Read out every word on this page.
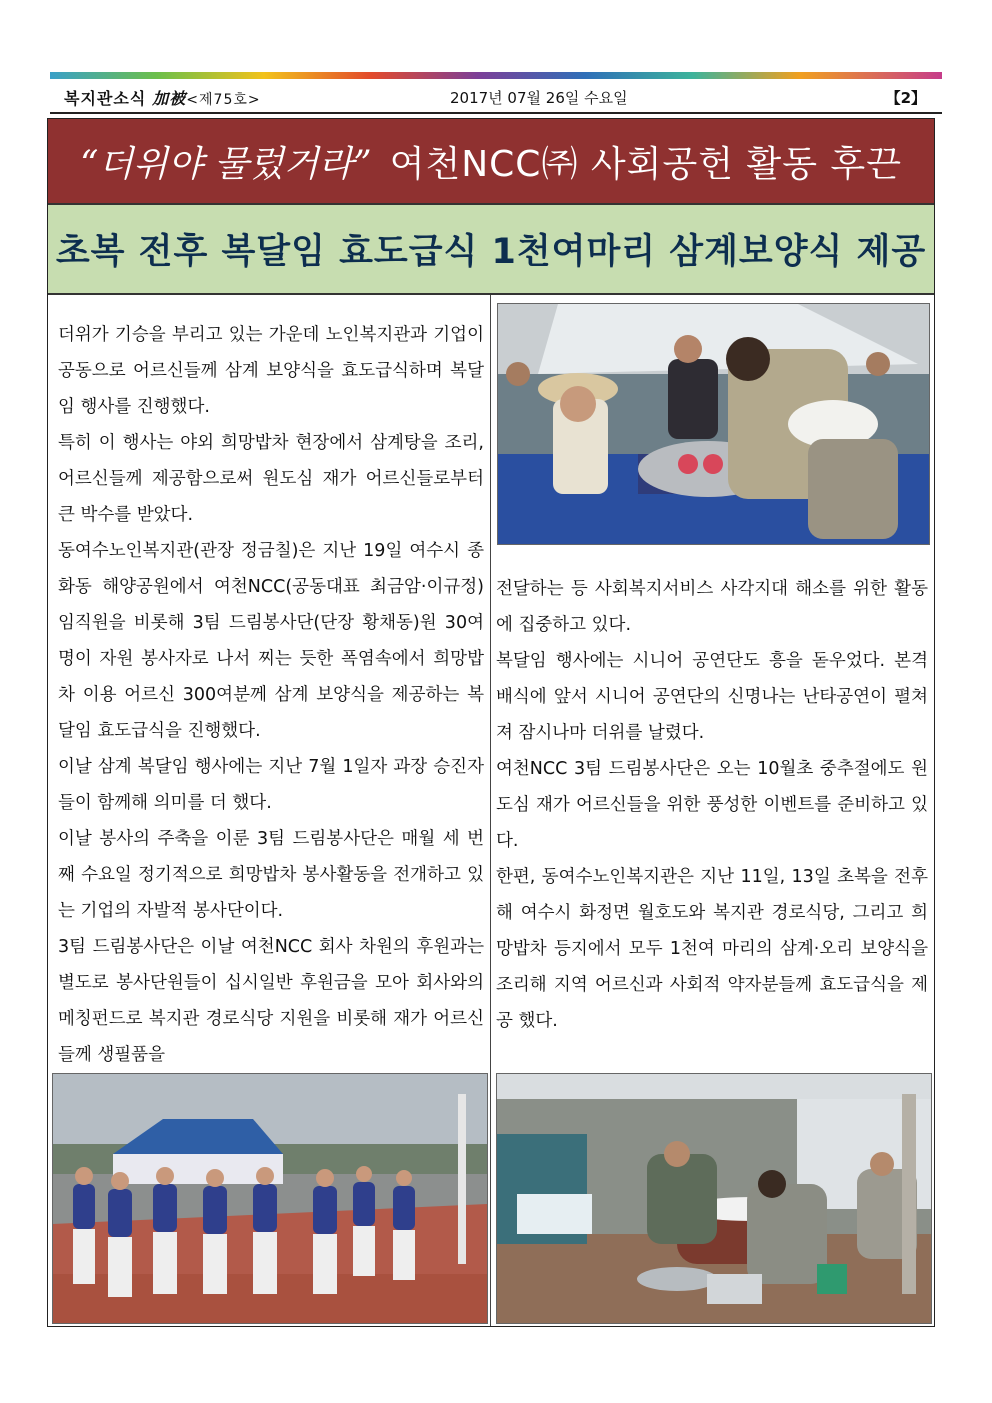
복지관소식 加被<제75호>	2017년 07월 26일 수요일	【2】
“더위야 물렀거라” 여천NCC㈜ 사회공헌 활동 후끈
초복 전후 복달임 효도급식 1천여마리 삼계보양식 제공

더위가 기승을 부리고 있는 가운데 노인복지관과 기업이 공동으로 어르신들께 삼계 보양식을 효도급식하며 복달임 행사를 진행했다.

특히 이 행사는 야외 희망밥차 현장에서 삼계탕을 조리, 어르신들께 제공함으로써 원도심 재가 어르신들로부터 큰 박수를 받았다.

동여수노인복지관(관장 정금칠)은 지난 19일 여수시 종화동 해양공원에서 여천NCC(공동대표 최금암·이규정)임직원을 비롯해 3팀 드림봉사단(단장 황채동)원 30여명이 자원 봉사자로 나서 찌는 듯한 폭염속에서 희망밥차 이용 어르신 300여분께 삼계 보양식을 제공하는 복달임 효도급식을 진행했다.

이날 삼계 복달임 행사에는 지난 7월 1일자 과장 승진자들이 함께해 의미를 더 했다.

이날 봉사의 주축을 이룬 3팀 드림봉사단은 매월 세 번째 수요일 정기적으로 희망밥차 봉사활동을 전개하고 있는 기업의 자발적 봉사단이다.

3팀 드림봉사단은 이날 여천NCC 회사 차원의 후원과는 별도로 봉사단원들이 십시일반 후원금을 모아 회사와의 메칭펀드로 복지관 경로식당 지원을 비롯해 재가 어르신들께 생필품을

전달하는 등 사회복지서비스 사각지대 해소를 위한 활동에 집중하고 있다.

복달임 행사에는 시니어 공연단도 흥을 돋우었다. 본격 배식에 앞서 시니어 공연단의 신명나는 난타공연이 펼쳐져 잠시나마 더위를 날렸다.

여천NCC 3팀 드림봉사단은 오는 10월초 중추절에도 원도심 재가 어르신들을 위한 풍성한 이벤트를 준비하고 있다.

한편, 동여수노인복지관은 지난 11일, 13일 초복을 전후해 여수시 화정면 월호도와 복지관 경로식당, 그리고 희망밥차 등지에서 모두 1천여 마리의 삼계·오리 보양식을 조리해 지역 어르신과 사회적 약자분들께 효도급식을 제공 했다.
